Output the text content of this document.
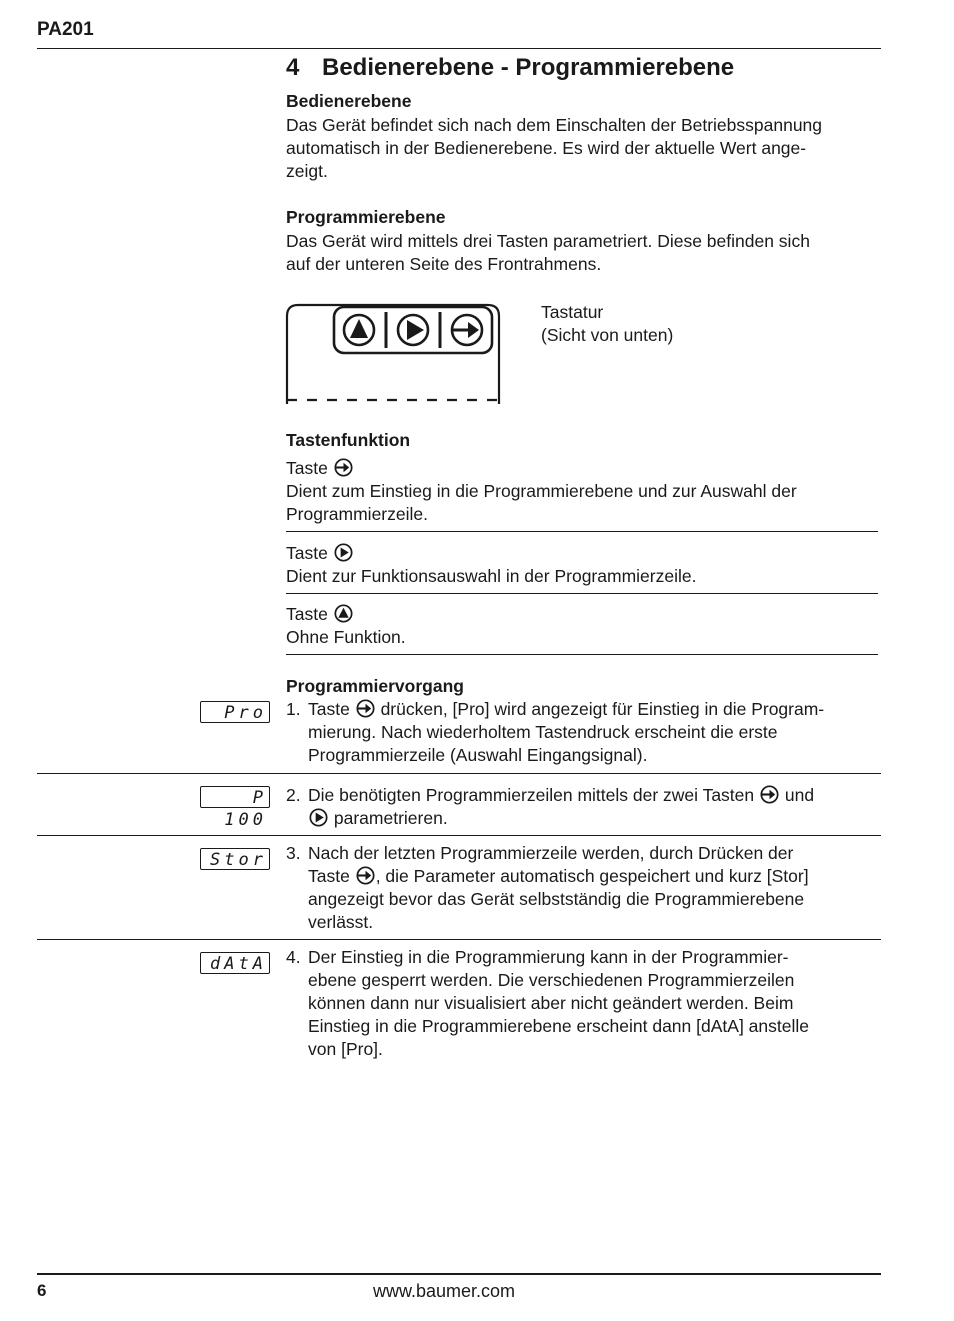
PA201
4 Bedienerebene - Programmierebene
Bedienerebene
Das Gerät befindet sich nach dem Einschalten der Betriebsspannung
automatisch in der Bedienerebene. Es wird der aktuelle Wert ange-
zeigt.
Programmierebene
Das Gerät wird mittels drei Tasten parametriert. Diese befinden sich
auf der unteren Seite des Frontrahmens.
Tastatur
(Sicht von unten)
Tastenfunktion
Taste
Dient zum Einstieg in die Programmierebene und zur Auswahl der
Programmierzeile.
Taste
Dient zur Funktionsauswahl in der Programmierzeile.
Taste
Ohne Funktion.
Programmiervorgang
Pro 1. Taste drücken, [Pro] wird angezeigt für Einstieg in die Program-
mierung. Nach wiederholtem Tastendruck erscheint die erste
Programmierzeile (Auswahl Eingangsignal).
P 100
2. Die benötigten Programmierzeilen mittels der zwei Tasten und
parametrieren.
Stor 3. Nach der letzten Programmierzeile werden, durch Drücken der
Taste , die Parameter automatisch gespeichert und kurz [Stor]
angezeigt bevor das Gerät selbstständig die Programmierebene
verlässt.
dAtA 4. Der Einstieg in die Programmierung kann in der Programmier-
ebene gesperrt werden. Die verschiedenen Programmierzeilen
können dann nur visualisiert aber nicht geändert werden. Beim
Einstieg in die Programmierebene erscheint dann [dAtA] anstelle
von [Pro].
6	www.baumer.com
